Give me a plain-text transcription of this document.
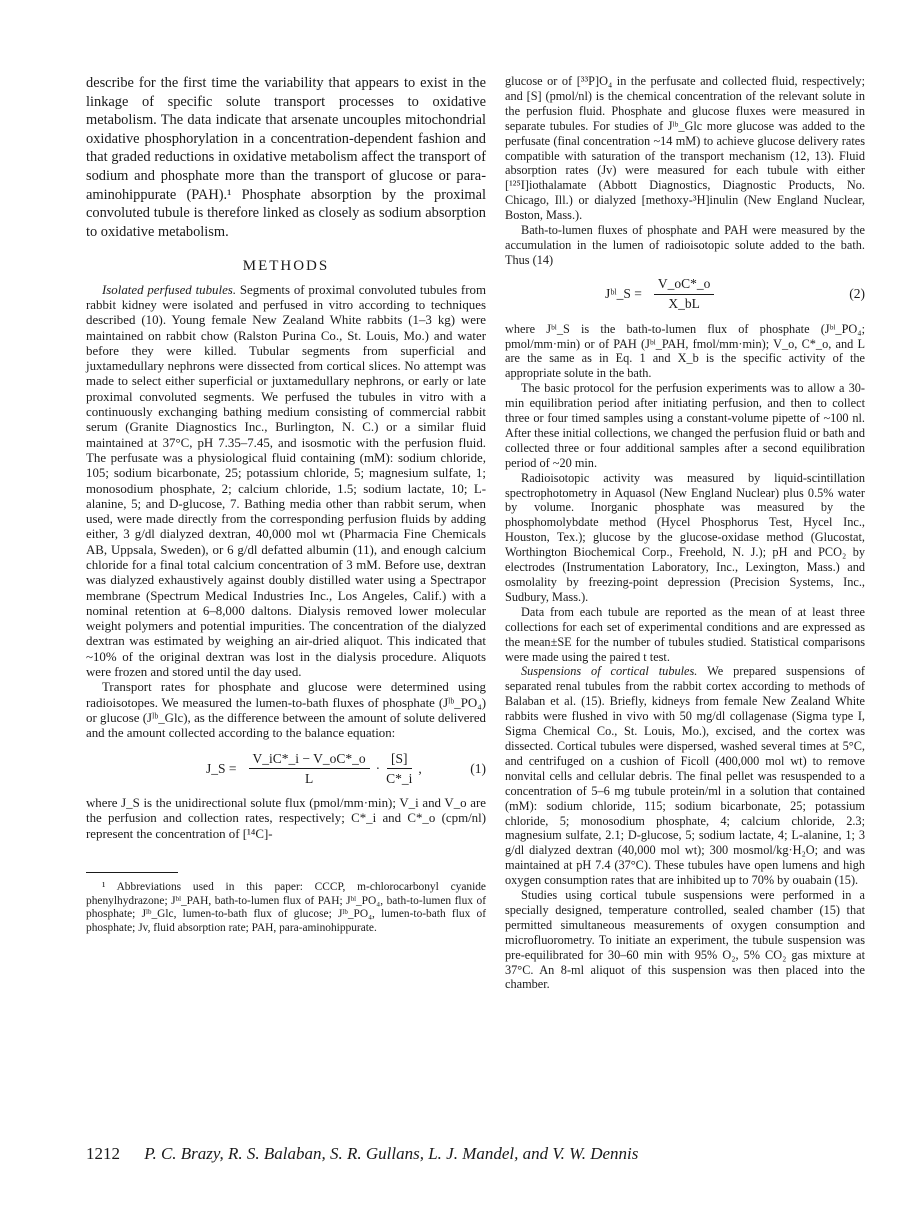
describe for the first time the variability that appears to exist in the linkage of specific solute transport processes to oxidative metabolism. The data indicate that arsenate uncouples mitochondrial oxidative phosphorylation in a concentration-dependent fashion and that graded reductions in oxidative metabolism affect the transport of sodium and phosphate more than the transport of glucose or para-aminohippurate (PAH).¹ Phosphate absorption by the proximal convoluted tubule is therefore linked as closely as sodium absorption to oxidative metabolism.

METHODS

Isolated perfused tubules. Segments of proximal convoluted tubules from rabbit kidney were isolated and perfused in vitro according to techniques described (10). Young female New Zealand White rabbits (1–3 kg) were maintained on rabbit chow (Ralston Purina Co., St. Louis, Mo.) and water before they were killed. Tubular segments from superficial and juxtamedullary nephrons were dissected from cortical slices. No attempt was made to select either superficial or juxtamedullary nephrons, or early or late proximal convoluted segments. We perfused the tubules in vitro with a continuously exchanging bathing medium consisting of commercial rabbit serum (Granite Diagnostics Inc., Burlington, N. C.) or a similar fluid maintained at 37°C, pH 7.35–7.45, and isosmotic with the perfusion fluid. The perfusate was a physiological fluid containing (mM): sodium chloride, 105; sodium bicarbonate, 25; potassium chloride, 5; magnesium sulfate, 1; monosodium phosphate, 2; calcium chloride, 1.5; sodium lactate, 10; L-alanine, 5; and D-glucose, 7. Bathing media other than rabbit serum, when used, were made directly from the corresponding perfusion fluids by adding either, 3 g/dl dialyzed dextran, 40,000 mol wt (Pharmacia Fine Chemicals AB, Uppsala, Sweden), or 6 g/dl defatted albumin (11), and enough calcium chloride for a final total calcium concentration of 3 mM. Before use, dextran was dialyzed exhaustively against doubly distilled water using a Spectrapor membrane (Spectrum Medical Industries Inc., Los Angeles, Calif.) with a nominal retention at 6–8,000 daltons. Dialysis removed lower molecular weight polymers and potential impurities. The concentration of the dialyzed dextran was estimated by weighing an air-dried aliquot. This indicated that ~10% of the original dextran was lost in the dialysis procedure. Aliquots were frozen and stored until the day used.

Transport rates for phosphate and glucose were determined using radioisotopes. We measured the lumen-to-bath fluxes of phosphate (Jˡᵇ_PO₄) or glucose (Jˡᵇ_Glc), as the difference between the amount of solute delivered and the amount collected according to the balance equation:

J_S = $\frac{V\_iC*\_i - V\_oC*\_o}{L} \cdot \frac{[S]}{C*\_i}$ ,	(1)

where J_S is the unidirectional solute flux (pmol/mm·min); V_i and V_o are the perfusion and collection rates, respectively; C*_i and C*_o (cpm/nl) represent the concentration of [¹⁴C]-

¹ Abbreviations used in this paper: CCCP, m-chlorocarbonyl cyanide phenylhydrazone; Jᵇˡ_PAH, bath-to-lumen flux of PAH; Jᵇˡ_PO₄, bath-to-lumen flux of phosphate; Jˡᵇ_Glc, lumen-to-bath flux of glucose; Jˡᵇ_PO₄, lumen-to-bath flux of phosphate; Jv, fluid absorption rate; PAH, para-aminohippurate.

glucose or of [³³P]O₄ in the perfusate and collected fluid, respectively; and [S] (pmol/nl) is the chemical concentration of the relevant solute in the perfusion fluid. Phosphate and glucose fluxes were measured in separate tubules. For studies of Jˡᵇ_Glc more glucose was added to the perfusate (final concentration ~14 mM) to achieve glucose delivery rates compatible with saturation of the transport mechanism (12, 13). Fluid absorption rates (Jv) were measured for each tubule with either [¹²⁵I]iothalamate (Abbott Diagnostics, Diagnostic Products, No. Chicago, Ill.) or dialyzed [methoxy-³H]inulin (New England Nuclear, Boston, Mass.).

Bath-to-lumen fluxes of phosphate and PAH were measured by the accumulation in the lumen of radioisotopic solute added to the bath. Thus (14)

Jᵇˡ_S = $\frac{V\_oC*\_o}{X\_bL}$	(2)

where Jᵇˡ_S is the bath-to-lumen flux of phosphate (Jᵇˡ_PO₄; pmol/mm·min) or of PAH (Jᵇˡ_PAH, fmol/mm·min); V_o, C*_o, and L are the same as in Eq. 1 and X_b is the specific activity of the appropriate solute in the bath.

The basic protocol for the perfusion experiments was to allow a 30-min equilibration period after initiating perfusion, and then to collect three or four timed samples using a constant-volume pipette of ~100 nl. After these initial collections, we changed the perfusion fluid or bath and collected three or four additional samples after a second equilibration period of ~20 min.

Radioisotopic activity was measured by liquid-scintillation spectrophotometry in Aquasol (New England Nuclear) plus 0.5% water by volume. Inorganic phosphate was measured by the phosphomolybdate method (Hycel Phosphorus Test, Hycel Inc., Houston, Tex.); glucose by the glucose-oxidase method (Glucostat, Worthington Biochemical Corp., Freehold, N. J.); pH and PCO₂ by electrodes (Instrumentation Laboratory, Inc., Lexington, Mass.) and osmolality by freezing-point depression (Precision Systems, Inc., Sudbury, Mass.).

Data from each tubule are reported as the mean of at least three collections for each set of experimental conditions and are expressed as the mean±SE for the number of tubules studied. Statistical comparisons were made using the paired t test.

Suspensions of cortical tubules. We prepared suspensions of separated renal tubules from the rabbit cortex according to methods of Balaban et al. (15). Briefly, kidneys from female New Zealand White rabbits were flushed in vivo with 50 mg/dl collagenase (Sigma type I, Sigma Chemical Co., St. Louis, Mo.), excised, and the cortex was dissected. Cortical tubules were dispersed, washed several times at 5°C, and centrifuged on a cushion of Ficoll (400,000 mol wt) to remove nonvital cells and cellular debris. The final pellet was resuspended to a concentration of 5–6 mg tubule protein/ml in a solution that contained (mM): sodium chloride, 115; sodium bicarbonate, 25; potassium chloride, 5; monosodium phosphate, 4; calcium chloride, 2.3; magnesium sulfate, 2.1; D-glucose, 5; sodium lactate, 4; L-alanine, 1; 3 g/dl dialyzed dextran (40,000 mol wt); 300 mosmol/kg·H₂O; and was maintained at pH 7.4 (37°C). These tubules have open lumens and high oxygen consumption rates that are inhibited up to 70% by ouabain (15).

Studies using cortical tubule suspensions were performed in a specially designed, temperature controlled, sealed chamber (15) that permitted simultaneous measurements of oxygen consumption and microfluorometry. To initiate an experiment, the tubule suspension was pre-equilibrated for 30–60 min with 95% O₂, 5% CO₂ gas mixture at 37°C. An 8-ml aliquot of this suspension was then placed into the chamber.

1212 P. C. Brazy, R. S. Balaban, S. R. Gullans, L. J. Mandel, and V. W. Dennis
